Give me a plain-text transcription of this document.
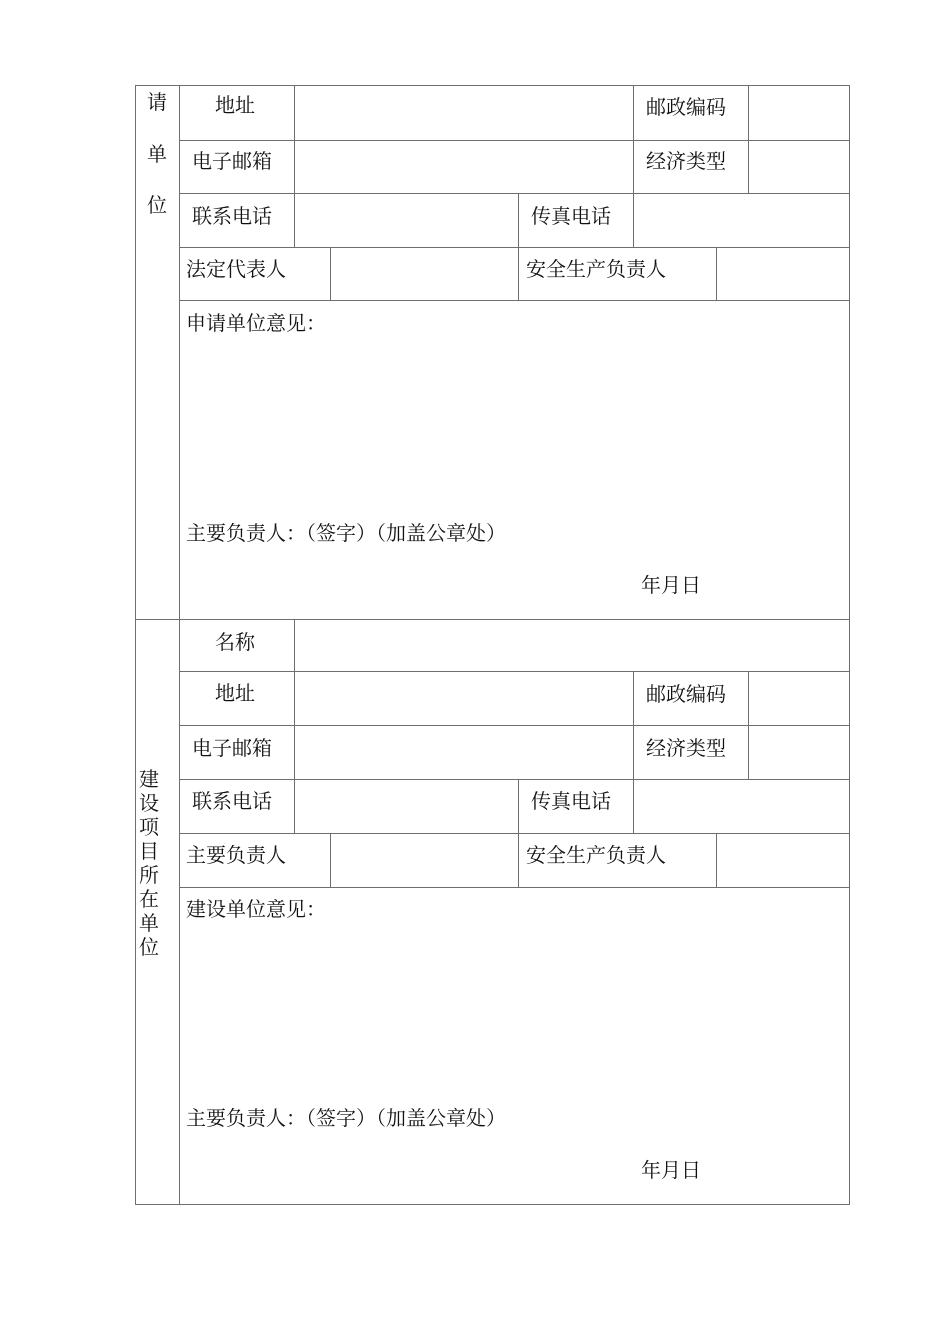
请
单
位
地址	邮政编码
电子邮箱	经济类型
联系电话	传真电话
法定代表人	安全生产负责人
申请单位意见：
主要负责人：（签字）（加盖公章处）
年月日
建设项目所在单位
名称
地址	邮政编码
电子邮箱	经济类型
联系电话	传真电话
主要负责人	安全生产负责人
建设单位意见：
主要负责人：（签字）（加盖公章处）
年月日
